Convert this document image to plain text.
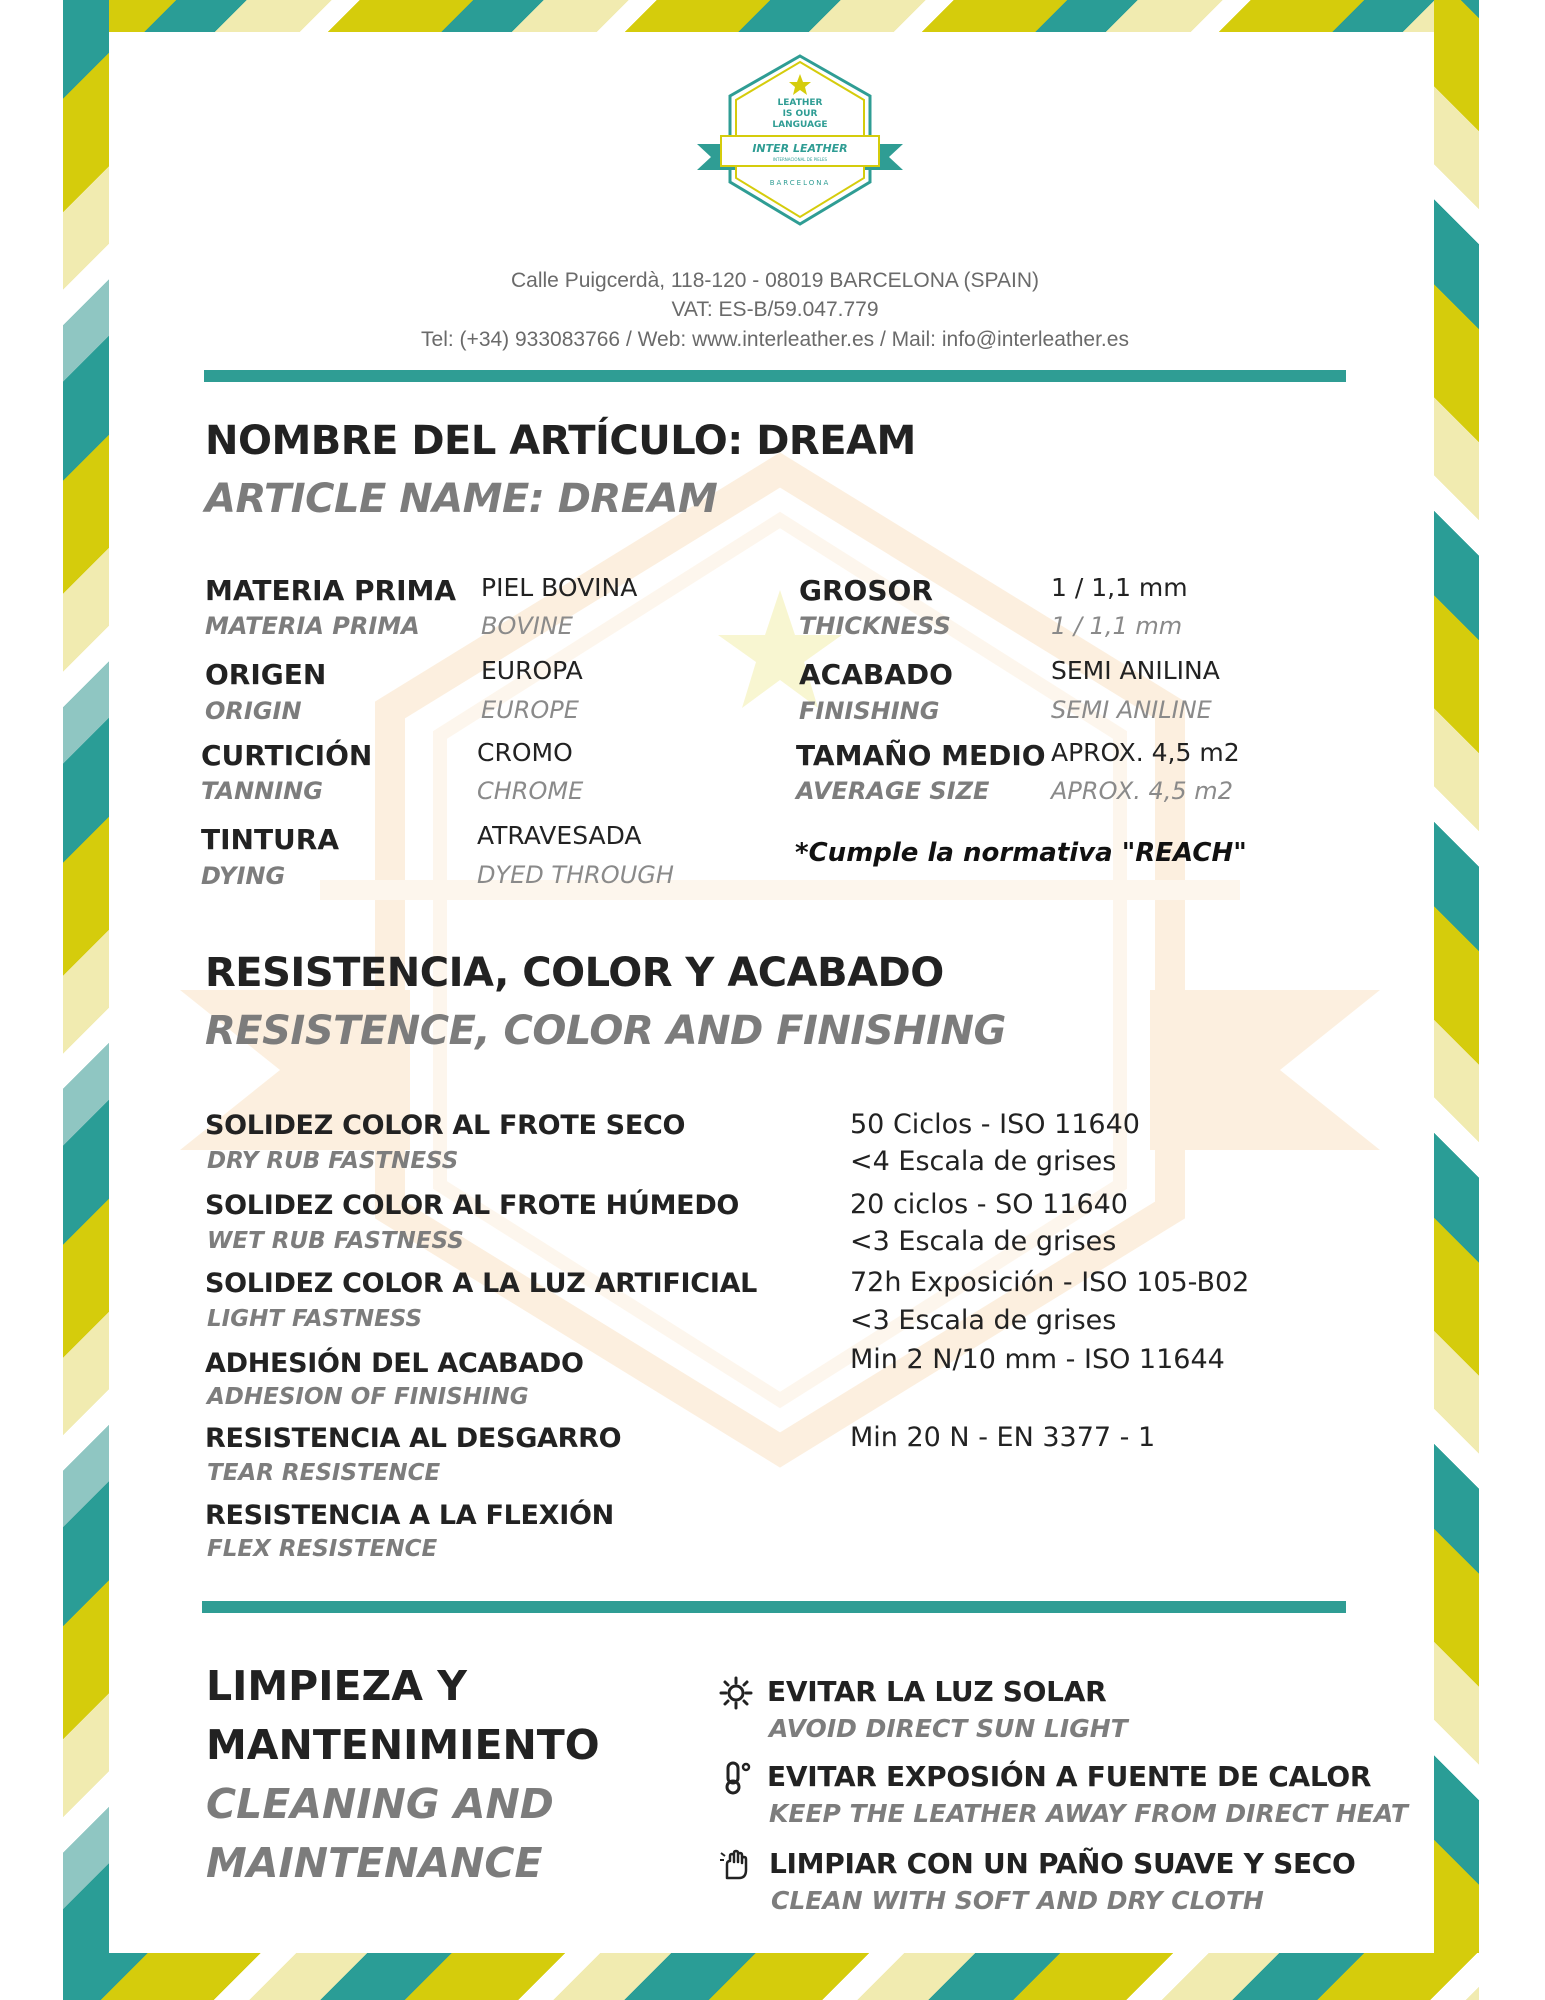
LEATHER
IS OUR
LANGUAGE
INTER LEATHER
INTERNACIONAL DE PIELES
BARCELONA
Calle Puigcerdà, 118-120 - 08019 BARCELONA (SPAIN)
VAT: ES-B/59.047.779
Tel: (+34) 933083766 / Web: www.interleather.es / Mail: info@interleather.es
NOMBRE DEL ARTÍCULO: DREAM
ARTICLE NAME: DREAM
MATERIA PRIMA
MATERIA PRIMA
PIEL BOVINA
BOVINE
ORIGEN
ORIGIN
EUROPA
EUROPE
CURTICIÓN
TANNING
CROMO
CHROME
TINTURA
DYING
ATRAVESADA
DYED THROUGH
GROSOR
THICKNESS
1 / 1,1 mm
1 / 1,1 mm
ACABADO
FINISHING
SEMI ANILINA
SEMI ANILINE
TAMAÑO MEDIO
AVERAGE SIZE
APROX. 4,5 m2
APROX. 4,5 m2
*Cumple la normativa "REACH"
RESISTENCIA, COLOR Y ACABADO
RESISTENCE, COLOR AND FINISHING
SOLIDEZ COLOR AL FROTE SECO
DRY RUB FASTNESS
50 Ciclos - ISO 11640
<4 Escala de grises
SOLIDEZ COLOR AL FROTE HÚMEDO
WET RUB FASTNESS
20 ciclos - SO 11640
<3 Escala de grises
SOLIDEZ COLOR A LA LUZ ARTIFICIAL
LIGHT FASTNESS
72h Exposición - ISO 105-B02
<3 Escala de grises
ADHESIÓN DEL ACABADO
ADHESION OF FINISHING
Min 2 N/10 mm - ISO 11644
RESISTENCIA AL DESGARRO
TEAR RESISTENCE
Min 20 N - EN 3377 - 1
RESISTENCIA A LA FLEXIÓN
FLEX RESISTENCE
LIMPIEZA Y
MANTENIMIENTO
CLEANING AND
MAINTENANCE
EVITAR LA LUZ SOLAR
AVOID DIRECT SUN LIGHT
EVITAR EXPOSIÓN A FUENTE DE CALOR
KEEP THE LEATHER AWAY FROM DIRECT HEAT
LIMPIAR CON UN PAÑO SUAVE Y SECO
CLEAN WITH SOFT AND DRY CLOTH
